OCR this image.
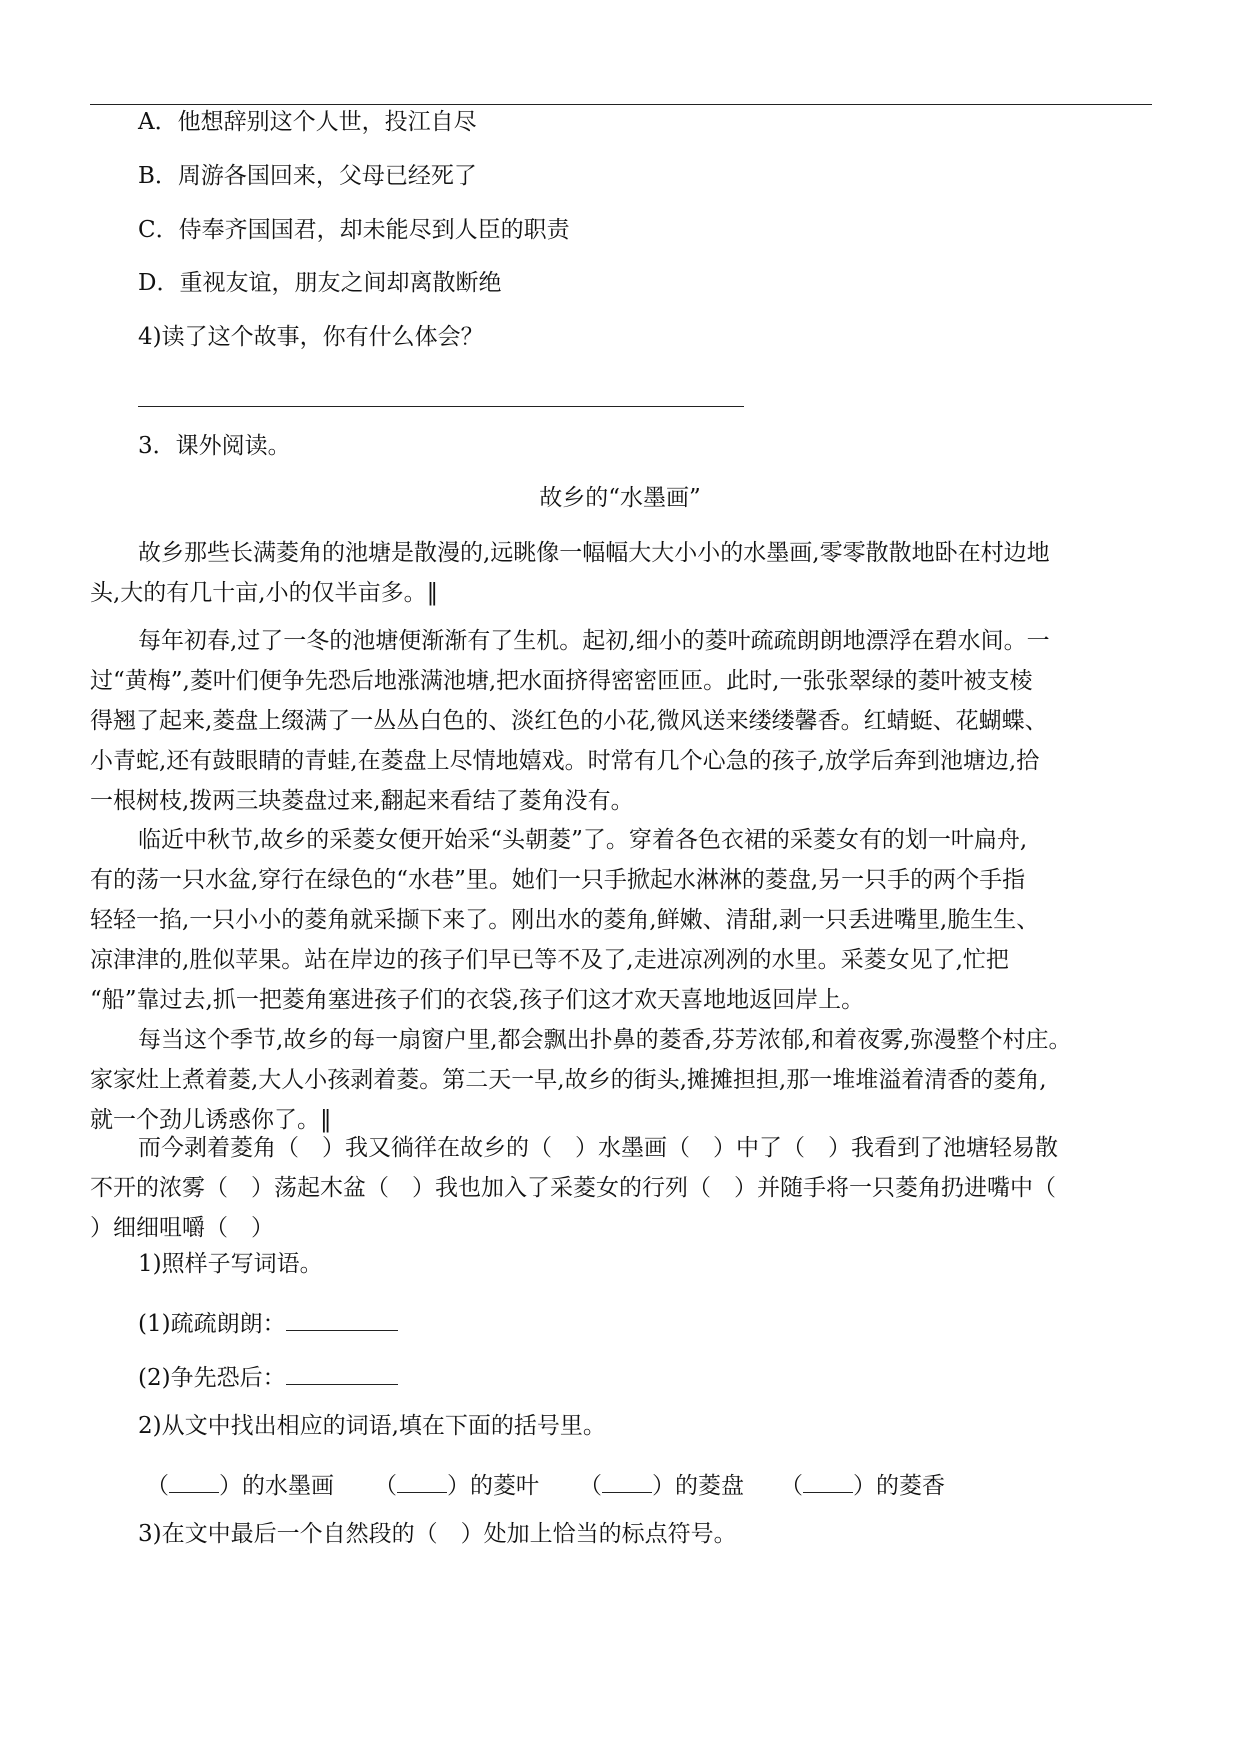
A．他想辞别这个人世，投江自尽
B．周游各国回来，父母已经死了
C．侍奉齐国国君，却未能尽到人臣的职责
D．重视友谊，朋友之间却离散断绝
4)读了这个故事，你有什么体会？
3．课外阅读。
故乡的“水墨画”
故乡那些长满菱角的池塘是散漫的,远眺像一幅幅大大小小的水墨画,零零散散地卧在村边地
头,大的有几十亩,小的仅半亩多。‖
每年初春,过了一冬的池塘便渐渐有了生机。起初,细小的菱叶疏疏朗朗地漂浮在碧水间。一
过“黄梅”,菱叶们便争先恐后地涨满池塘,把水面挤得密密匝匝。此时,一张张翠绿的菱叶被支棱
得翘了起来,菱盘上缀满了一丛丛白色的、淡红色的小花,微风送来缕缕馨香。红蜻蜓、花蝴蝶、
小青蛇,还有鼓眼睛的青蛙,在菱盘上尽情地嬉戏。时常有几个心急的孩子,放学后奔到池塘边,拾
一根树枝,拨两三块菱盘过来,翻起来看结了菱角没有。
临近中秋节,故乡的采菱女便开始采“头朝菱”了。穿着各色衣裙的采菱女有的划一叶扁舟,
有的荡一只水盆,穿行在绿色的“水巷”里。她们一只手掀起水淋淋的菱盘,另一只手的两个手指
轻轻一掐,一只小小的菱角就采撷下来了。刚出水的菱角,鲜嫩、清甜,剥一只丢进嘴里,脆生生、
凉津津的,胜似苹果。站在岸边的孩子们早已等不及了,走进凉冽冽的水里。采菱女见了,忙把
“船”靠过去,抓一把菱角塞进孩子们的衣袋,孩子们这才欢天喜地地返回岸上。
每当这个季节,故乡的每一扇窗户里,都会飘出扑鼻的菱香,芬芳浓郁,和着夜雾,弥漫整个村庄。
家家灶上煮着菱,大人小孩剥着菱。第二天一早,故乡的街头,摊摊担担,那一堆堆溢着清香的菱角,
就一个劲儿诱惑你了。‖
而今剥着菱角（　）我又徜徉在故乡的（　）水墨画（　）中了（　）我看到了池塘轻易散
不开的浓雾（　）荡起木盆（　）我也加入了采菱女的行列（　）并随手将一只菱角扔进嘴中（
）细细咀嚼（　）
1)照样子写词语。
(1)疏疏朗朗：
(2)争先恐后：
2)从文中找出相应的词语,填在下面的括号里。
（ ）的水墨画 （ ）的菱叶 （ ）的菱盘 （ ）的菱香
3)在文中最后一个自然段的（　）处加上恰当的标点符号。
